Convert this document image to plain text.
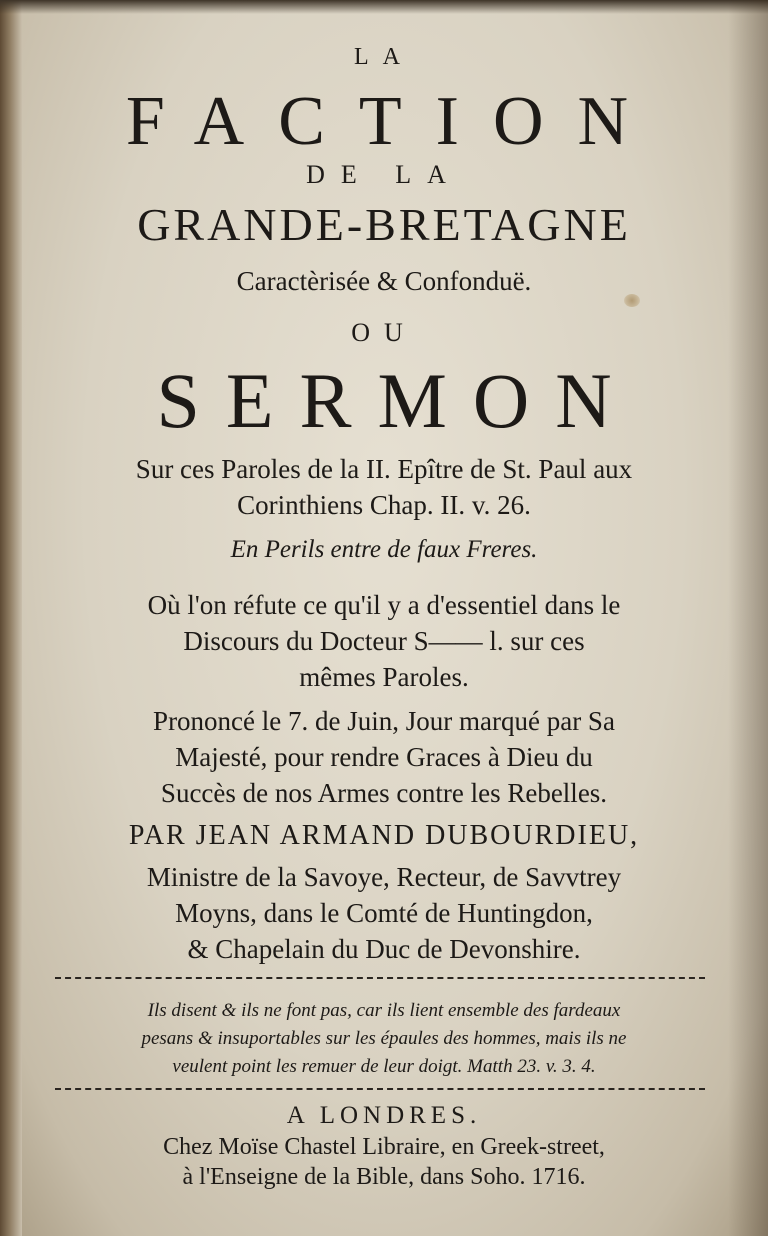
LA
FACTION
DE LA
GRANDE-BRETAGNE
Caractèrisée & Confonduë.
OU
SERMON
Sur ces Paroles de la II. Epître de St. Paul aux
Corinthiens Chap. II. v. 26.
En Perils entre de faux Freres.
Où l'on réfute ce qu'il y a d'essentiel dans le
Discours du Docteur S—— l. sur ces
mêmes Paroles.
Prononcé le 7. de Juin, Jour marqué par Sa
Majesté, pour rendre Graces à Dieu du
Succès de nos Armes contre les Rebelles.
PAR JEAN ARMAND DUBOURDIEU,
Ministre de la Savoye, Recteur, de Savvtrey
Moyns, dans le Comté de Huntingdon,
& Chapelain du Duc de Devonshire.
Ils disent & ils ne font pas, car ils lient ensemble des fardeaux
pesans & insuportables sur les épaules des hommes, mais ils ne
veulent point les remuer de leur doigt. Matth 23. v. 3. 4.
A LONDRES.
Chez Moïse Chastel Libraire, en Greek-street,
à l'Enseigne de la Bible, dans Soho. 1716.
